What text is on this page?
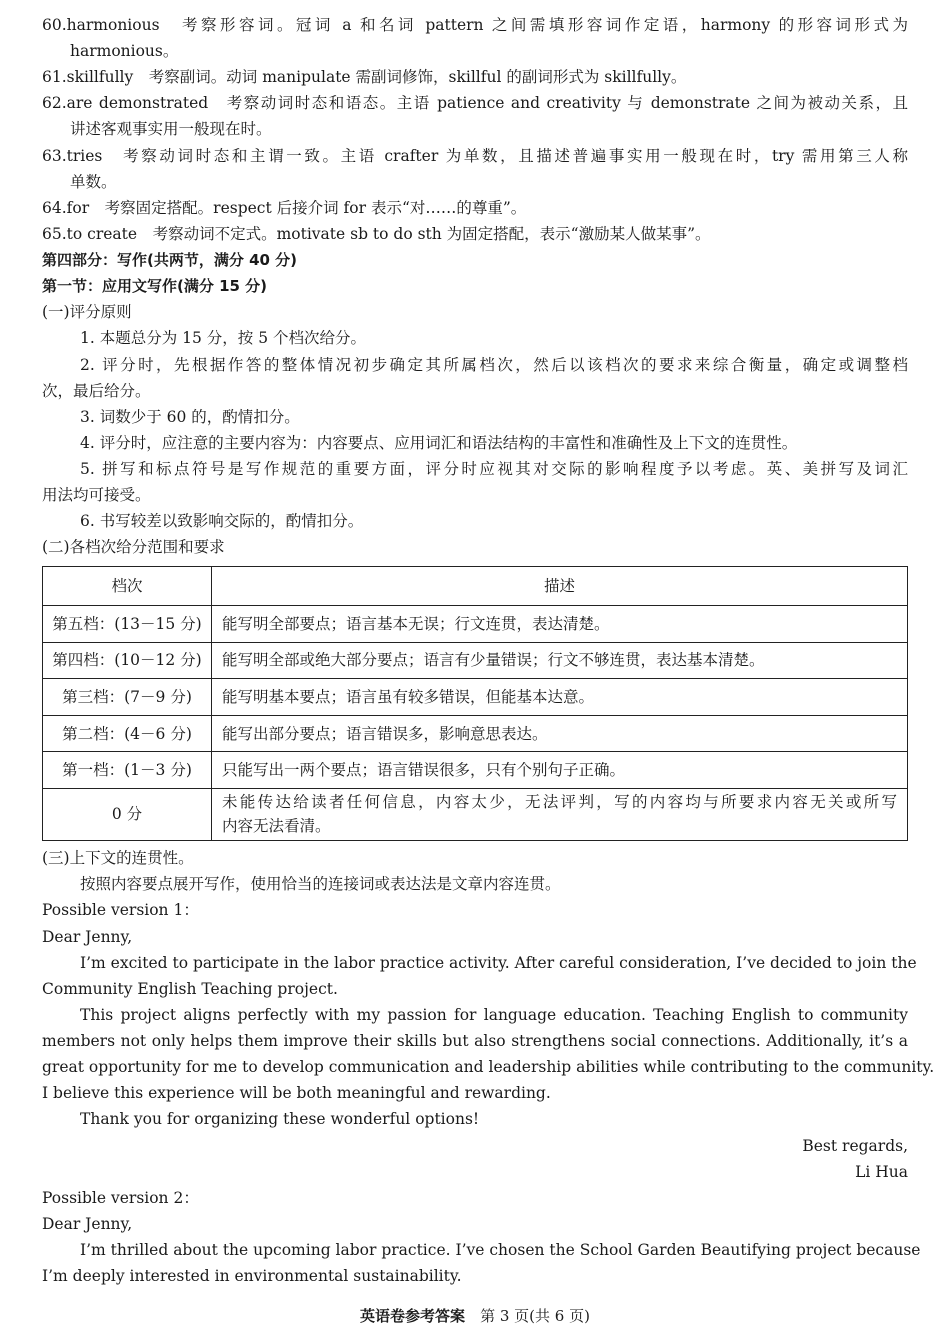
60.harmonious　 考察形容词。冠词 a 和名词 pattern 之间需填形容词作定语，harmony 的形容词形式为
harmonious。
61.skillfully　 考察副词。动词 manipulate 需副词修饰，skillful 的副词形式为 skillfully。
62.are demonstrated　 考察动词时态和语态。主语 patience and creativity 与 demonstrate 之间为被动关系，且
讲述客观事实用一般现在时。
63.tries　 考察动词时态和主谓一致。主语 crafter 为单数，且描述普遍事实用一般现在时，try 需用第三人称
单数。
64.for　 考察固定搭配。respect 后接介词 for 表示“对……的尊重”。
65.to create　 考察动词不定式。motivate sb to do sth 为固定搭配，表示“激励某人做某事”。
第四部分：写作(共两节，满分 40 分)
第一节：应用文写作(满分 15 分)
(一)评分原则
1. 本题总分为 15 分，按 5 个档次给分。
2. 评分时，先根据作答的整体情况初步确定其所属档次，然后以该档次的要求来综合衡量，确定或调整档
次，最后给分。
3. 词数少于 60 的，酌情扣分。
4. 评分时，应注意的主要内容为：内容要点、应用词汇和语法结构的丰富性和准确性及上下文的连贯性。
5. 拼写和标点符号是写作规范的重要方面，评分时应视其对交际的影响程度予以考虑。英、美拼写及词汇
用法均可接受。
6. 书写较差以致影响交际的，酌情扣分。
(二)各档次给分范围和要求
档次	描述
第五档：(13－15 分)	能写明全部要点；语言基本无误；行文连贯，表达清楚。
第四档：(10－12 分)	能写明全部或绝大部分要点；语言有少量错误；行文不够连贯，表达基本清楚。
第三档：(7－9 分)	能写明基本要点；语言虽有较多错误，但能基本达意。
第二档：(4－6 分)	能写出部分要点；语言错误多，影响意思表达。
第一档：(1－3 分)	只能写出一两个要点；语言错误很多，只有个别句子正确。
0 分	未能传达给读者任何信息，内容太少，无法评判，写的内容均与所要求内容无关或所写
内容无法看清。
(三)上下文的连贯性。
按照内容要点展开写作，使用恰当的连接词或表达法是文章内容连贯。
Possible version 1：
Dear Jenny,
I’m excited to participate in the labor practice activity. After careful consideration, I’ve decided to join the
Community English Teaching project.
This project aligns perfectly with my passion for language education. Teaching English to community
members not only helps them improve their skills but also strengthens social connections. Additionally, it’s a
great opportunity for me to develop communication and leadership abilities while contributing to the community.
I believe this experience will be both meaningful and rewarding.
Thank you for organizing these wonderful options!
Best regards,
Li Hua
Possible version 2：
Dear Jenny,
I’m thrilled about the upcoming labor practice. I’ve chosen the School Garden Beautifying project because
I’m deeply interested in environmental sustainability.
英语卷参考答案　 第 3 页(共 6 页)
